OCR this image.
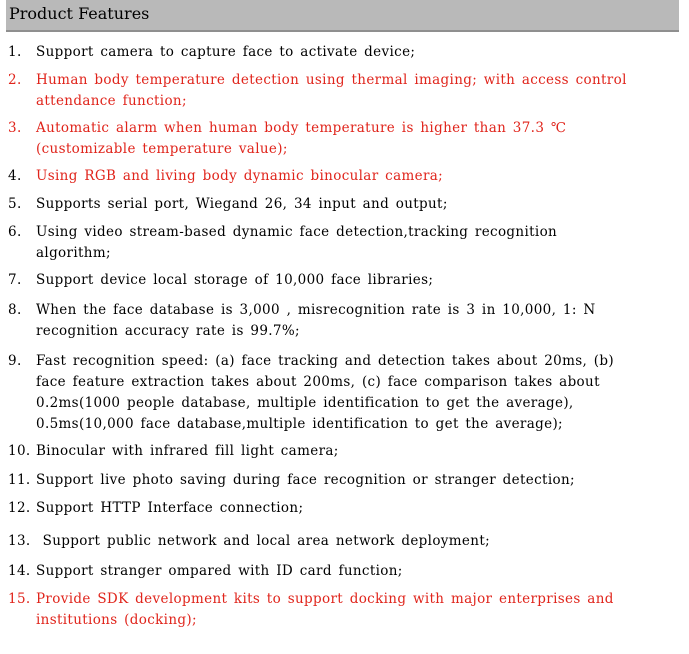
Product Features
1. Support camera to capture face to activate device;
2. Human body temperature detection using thermal imaging; with access control
attendance function;
3. Automatic alarm when human body temperature is higher than 37.3 ℃
(customizable temperature value);
4. Using RGB and living body dynamic binocular camera;
5. Supports serial port, Wiegand 26, 34 input and output;
6. Using video stream-based dynamic face detection,tracking recognition
algorithm;
7. Support device local storage of 10,000 face libraries;
8. When the face database is 3,000 , misrecognition rate is 3 in 10,000, 1: N
recognition accuracy rate is 99.7%;
9. Fast recognition speed: (a) face tracking and detection takes about 20ms, (b)
face feature extraction takes about 200ms, (c) face comparison takes about
0.2ms(1000 people database, multiple identification to get the average),
0.5ms(10,000 face database,multiple identification to get the average);
10. Binocular with infrared fill light camera;
11. Support live photo saving during face recognition or stranger detection;
12. Support HTTP Interface connection;
13. Support public network and local area network deployment;
14. Support stranger ompared with ID card function;
15. Provide SDK development kits to support docking with major enterprises and
institutions (docking);
